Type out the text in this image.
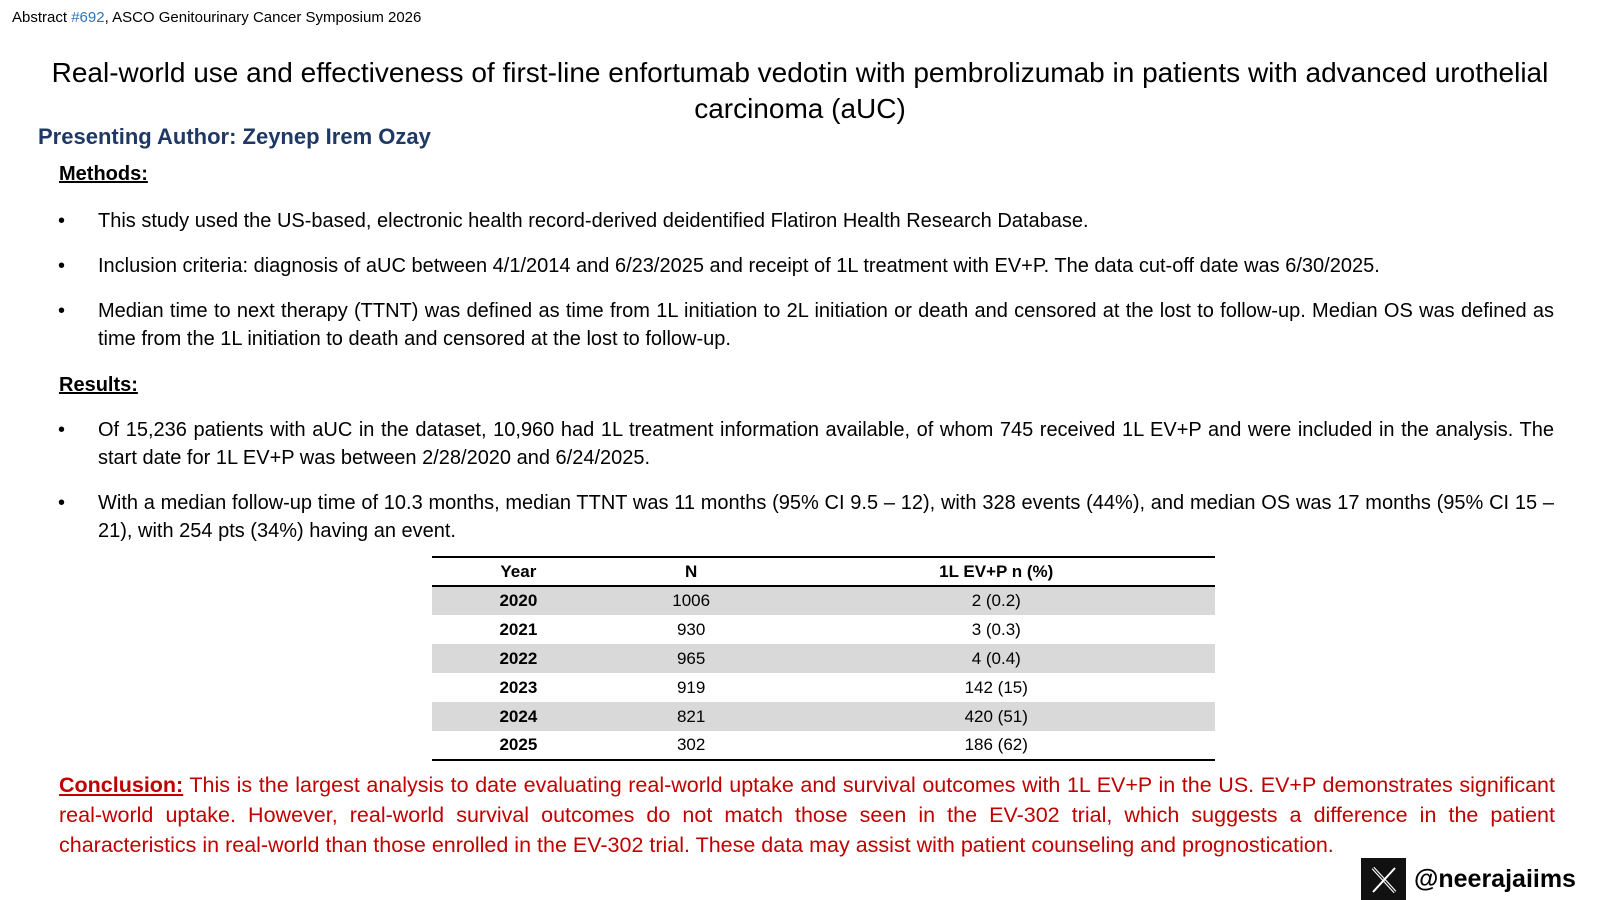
Abstract #692, ASCO Genitourinary Cancer Symposium 2026
Real-world use and effectiveness of first-line enfortumab vedotin with pembrolizumab in patients with advanced urothelial carcinoma (aUC)
Presenting Author: Zeynep Irem Ozay
Methods:
•	This study used the US-based, electronic health record-derived deidentified Flatiron Health Research Database.
•	Inclusion criteria: diagnosis of aUC between 4/1/2014 and 6/23/2025 and receipt of 1L treatment with EV+P. The data cut-off date was 6/30/2025.
•	Median time to next therapy (TTNT) was defined as time from 1L initiation to 2L initiation or death and censored at the lost to follow-up. Median OS was defined as time from the 1L initiation to death and censored at the lost to follow-up.
Results:
•	Of 15,236 patients with aUC in the dataset, 10,960 had 1L treatment information available, of whom 745 received 1L EV+P and were included in the analysis. The start date for 1L EV+P was between 2/28/2020 and 6/24/2025.
•	With a median follow-up time of 10.3 months, median TTNT was 11 months (95% CI 9.5 – 12), with 328 events (44%), and median OS was 17 months (95% CI 15 – 21), with 254 pts (34%) having an event.
Year	N	1L EV+P n (%)
2020	1006	2 (0.2)
2021	930	3 (0.3)
2022	965	4 (0.4)
2023	919	142 (15)
2024	821	420 (51)
2025	302	186 (62)
Conclusion: This is the largest analysis to date evaluating real-world uptake and survival outcomes with 1L EV+P in the US. EV+P demonstrates significant real-world uptake. However, real-world survival outcomes do not match those seen in the EV-302 trial, which suggests a difference in the patient characteristics in real-world than those enrolled in the EV-302 trial. These data may assist with patient counseling and prognostication.
@neerajaiims
